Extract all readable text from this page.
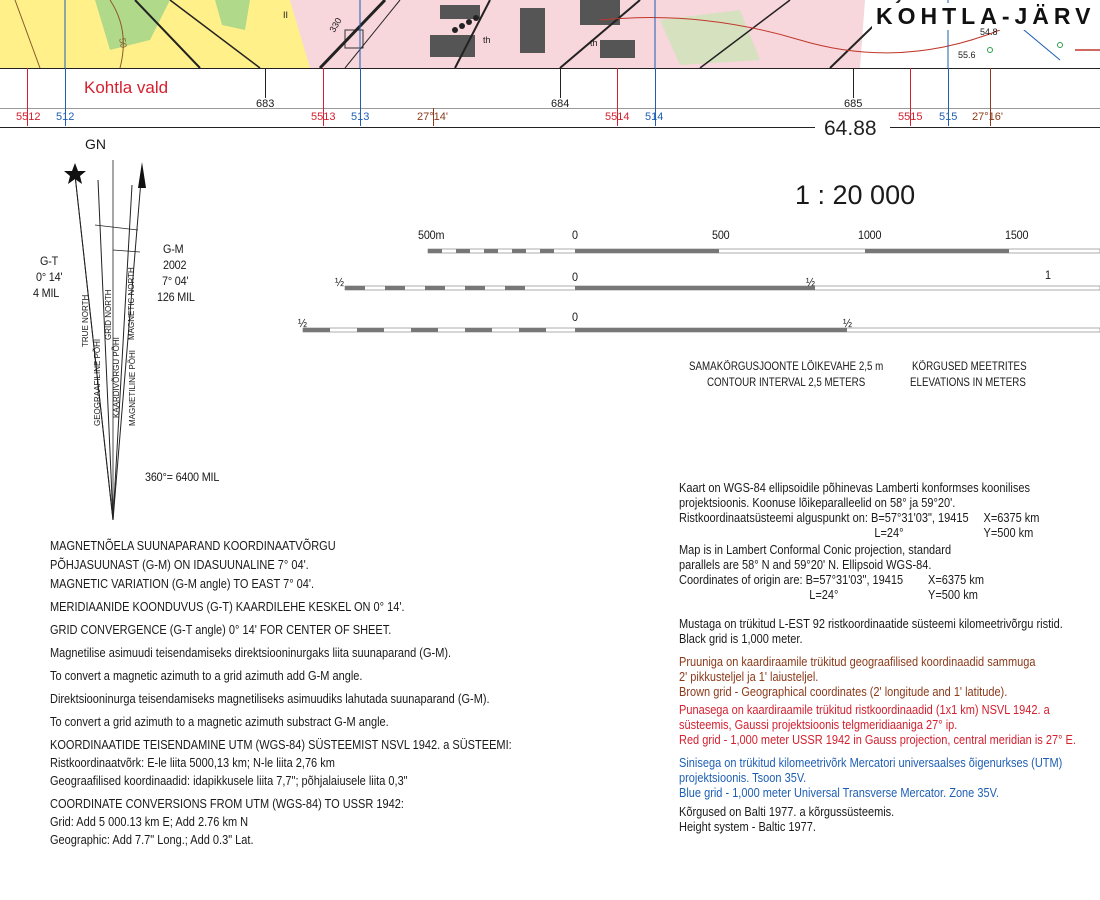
KOHTLA-JÄRV
54.8
55.6
330
50	th	th
II
Kohtla vald
683	684	685
5512	5513	5514	5515
512	513	514	515
27°14'	27°16'
64.88
GN
G-T
0° 14'
4 MIL
G-M
2002
7° 04'
126 MIL
TRUE NORTH GRID NORTH MAGNETIC NORTH
GEOGRAAFILINE PÕHI KAARDIVÕRGU PÕHI MAGNETILINE PÕHI
360°= 6400 MIL
1 : 20 000
500m	0	500	1000	1500
½	0	½	1
½	0	½
SAMAKÕRGUSJOONTE LÕIKEVAHE 2,5 m
CONTOUR INTERVAL 2,5 METERS
KÕRGUSED MEETRITES
ELEVATIONS IN METERS
MAGNETNÕELA SUUNAPARAND KOORDINAATVÕRGU
PÕHJASUUNAST (G-M) ON IDASUUNALINE 7° 04'.
MAGNETIC VARIATION (G-M angle) TO EAST 7° 04'.
MERIDIAANIDE KOONDUVUS (G-T) KAARDILEHE KESKEL ON 0° 14'.
GRID CONVERGENCE (G-T angle) 0° 14' FOR CENTER OF SHEET.
Magnetilise asimuudi teisendamiseks direktsiooninurgaks liita suunaparand (G-M).
To convert a magnetic azimuth to a grid azimuth add G-M angle.
Direktsiooninurga teisendamiseks magnetiliseks asimuudiks lahutada suunaparand (G-M).
To convert a grid azimuth to a magnetic azimuth substract G-M angle.
KOORDINAATIDE TEISENDAMINE UTM (WGS-84) SÜSTEEMIST NSVL 1942. a SÜSTEEMI:
Ristkoordinaatvõrk: E-le liita 5000,13 km; N-le liita 2,76 km
Geograafilised koordinaadid: idapikkusele liita 7,7"; põhjalaiusele liita 0,3"
COORDINATE CONVERSIONS FROM UTM (WGS-84) TO USSR 1942:
Grid: Add 5 000.13 km E; Add 2.76 km N
Geographic: Add 7.7" Long.; Add 0.3" Lat.
Kaart on WGS-84 ellipsoidile põhinevas Lamberti konformses koonilises
projektsioonis. Koonuse lõikeparalleelid on 58° ja 59°20'.
Ristkoordinaatsüsteemi alguspunkt on: B=57°31'03", 19415 X=6375 km
L=24°	Y=500 km
Map is in Lambert Conformal Conic projection, standard
parallels are 58° N and 59°20' N. Ellipsoid WGS-84.
Coordinates of origin are: B=57°31'03", 19415 X=6375 km
L=24°	Y=500 km
Mustaga on trükitud L-EST 92 ristkoordinaatide süsteemi kilomeetrivõrgu ristid.
Black grid is 1,000 meter.
Pruuniga on kaardiraamile trükitud geograafilised koordinaadid sammuga
2' pikkusteljel ja 1' laiusteljel.
Brown grid - Geographical coordinates (2' longitude and 1' latitude).
Punasega on kaardiraamile trükitud ristkoordinaadid (1x1 km) NSVL 1942. a
süsteemis, Gaussi projektsioonis telgmeridiaaniga 27° ip.
Red grid - 1,000 meter USSR 1942 in Gauss projection, central meridian is 27° E.
Sinisega on trükitud kilomeetrivõrk Mercatori universaalses õigenurkses (UTM)
projektsioonis. Tsoon 35V.
Blue grid - 1,000 meter Universal Transverse Mercator. Zone 35V.
Kõrgused on Balti 1977. a kõrgussüsteemis.
Height system - Baltic 1977.
